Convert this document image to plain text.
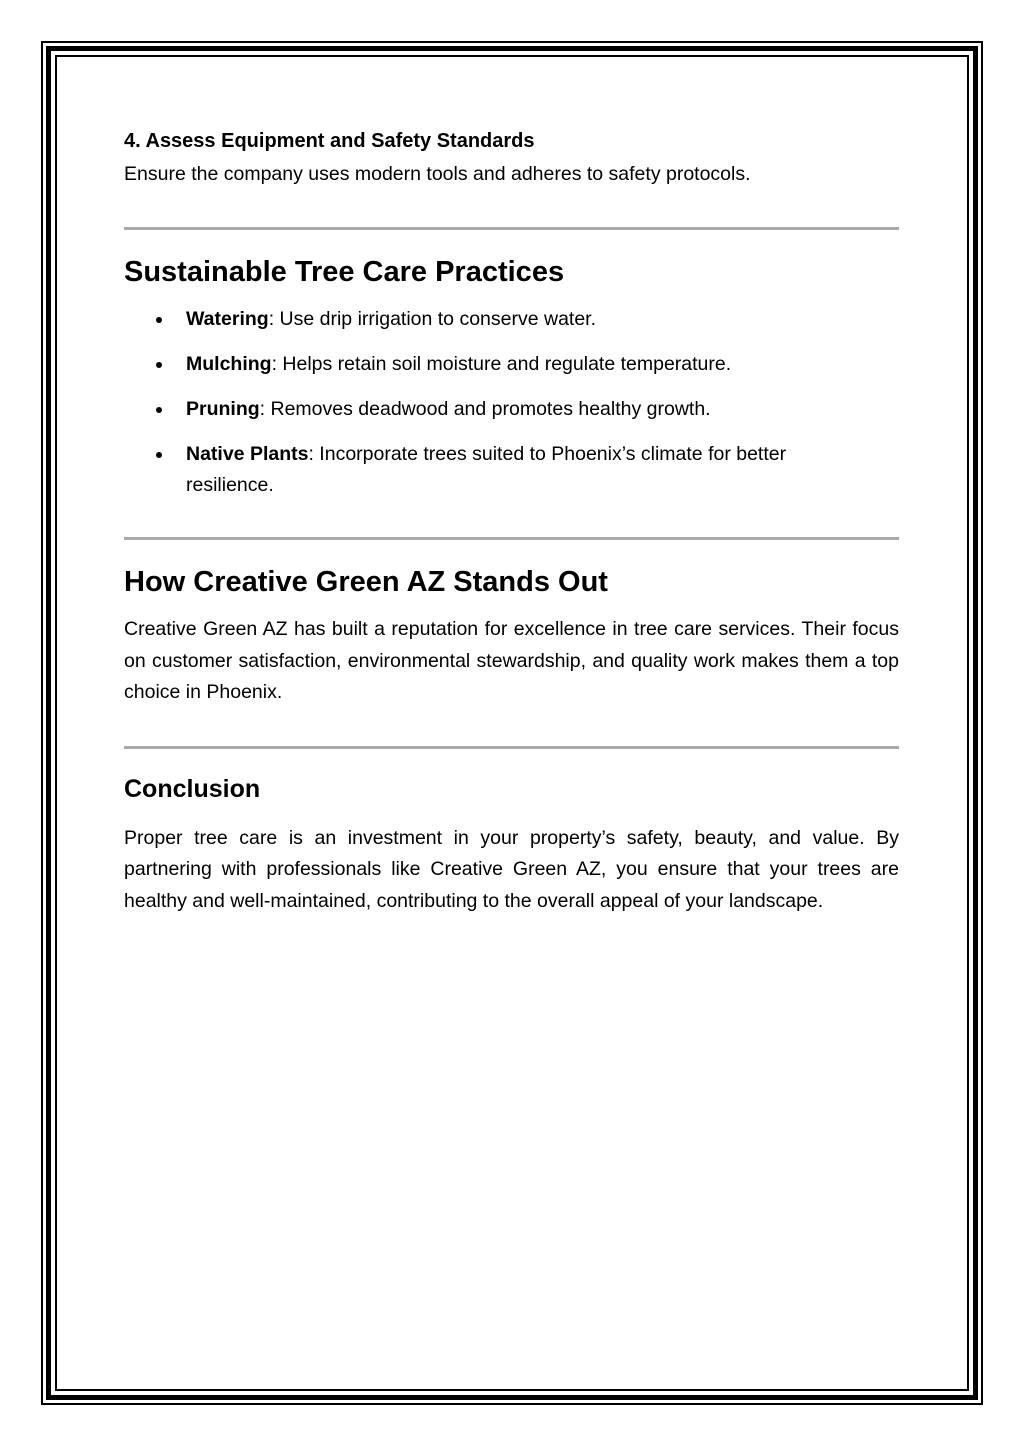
4. Assess Equipment and Safety Standards

Ensure the company uses modern tools and adheres to safety protocols.

Sustainable Tree Care Practices
Watering: Use drip irrigation to conserve water.
Mulching: Helps retain soil moisture and regulate temperature.
Pruning: Removes deadwood and promotes healthy growth.
Native Plants: Incorporate trees suited to Phoenix’s climate for better resilience.
How Creative Green AZ Stands Out

Creative Green AZ has built a reputation for excellence in tree care services. Their focus on customer satisfaction, environmental stewardship, and quality work makes them a top choice in Phoenix.

Conclusion

Proper tree care is an investment in your property’s safety, beauty, and value. By partnering with professionals like Creative Green AZ, you ensure that your trees are healthy and well-maintained, contributing to the overall appeal of your landscape.
